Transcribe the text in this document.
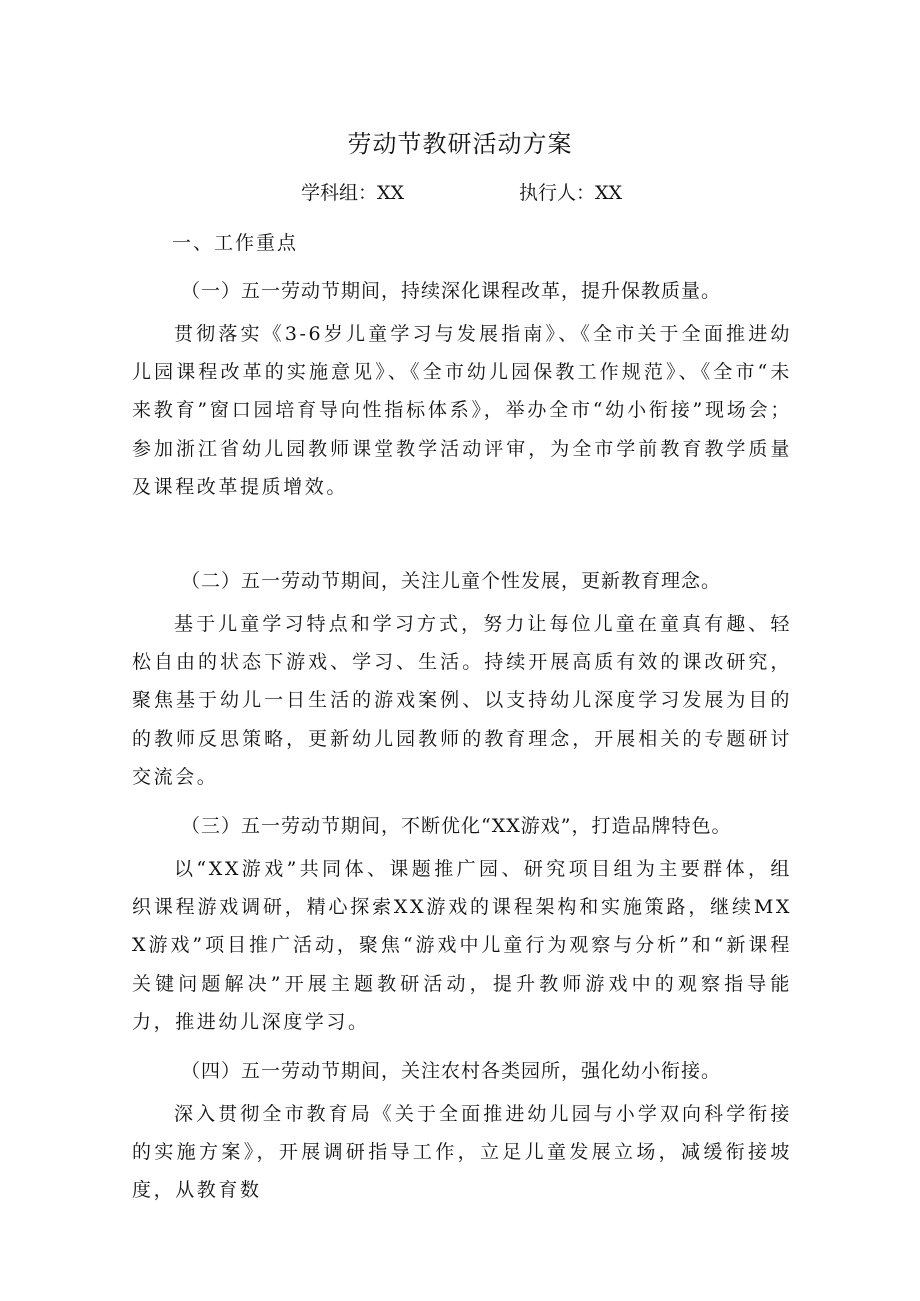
劳动节教研活动方案
学科组：XX	执行人：XX
一、工作重点
（一）五一劳动节期间，持续深化课程改革，提升保教质量。

贯彻落实《3-6岁儿童学习与发展指南》、《全市关于全面推进幼儿园课程改革的实施意见》、《全市幼儿园保教工作规范》、《全市“未来教育”窗口园培育导向性指标体系》，举办全市“幼小衔接”现场会；参加浙江省幼儿园教师课堂教学活动评审，为全市学前教育教学质量及课程改革提质增效。

（二）五一劳动节期间，关注儿童个性发展，更新教育理念。

基于儿童学习特点和学习方式，努力让每位儿童在童真有趣、轻松自由的状态下游戏、学习、生活。持续开展高质有效的课改研究，聚焦基于幼儿一日生活的游戏案例、以支持幼儿深度学习发展为目的的教师反思策略，更新幼儿园教师的教育理念，开展相关的专题研讨交流会。

（三）五一劳动节期间，不断优化“XX游戏”，打造品牌特色。

以“XX游戏”共同体、课题推广园、研究项目组为主要群体，组织课程游戏调研，精心探索XX游戏的课程架构和实施策路，继续MXX游戏”项目推广活动，聚焦“游戏中儿童行为观察与分析”和“新课程关键问题解决”开展主题教研活动，提升教师游戏中的观察指导能力，推进幼儿深度学习。

（四）五一劳动节期间，关注农村各类园所，强化幼小衔接。

深入贯彻全市教育局《关于全面推进幼儿园与小学双向科学衔接的实施方案》，开展调研指导工作，立足儿童发展立场，减缓衔接坡度，从教育数
